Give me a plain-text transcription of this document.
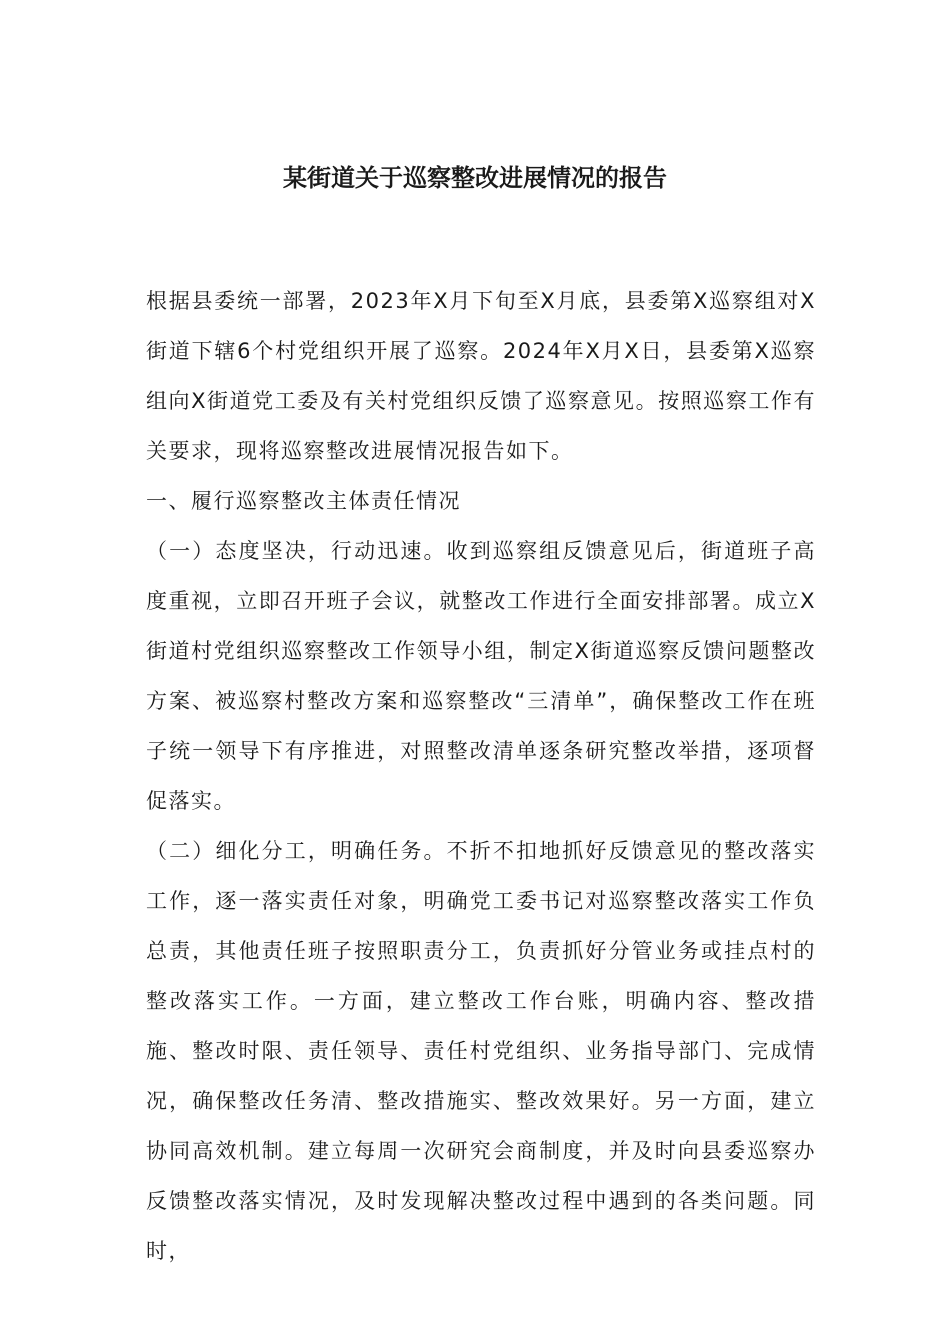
某街道关于巡察整改进展情况的报告

根据县委统一部署，2023年X月下旬至X月底，县委第X巡察组对X街道下辖6个村党组织开展了巡察。2024年X月X日，县委第X巡察组向X街道党工委及有关村党组织反馈了巡察意见。按照巡察工作有关要求，现将巡察整改进展情况报告如下。

一、履行巡察整改主体责任情况

（一）态度坚决，行动迅速。收到巡察组反馈意见后，街道班子高度重视，立即召开班子会议，就整改工作进行全面安排部署。成立X街道村党组织巡察整改工作领导小组，制定X街道巡察反馈问题整改方案、被巡察村整改方案和巡察整改“三清单”，确保整改工作在班子统一领导下有序推进，对照整改清单逐条研究整改举措，逐项督促落实。

（二）细化分工，明确任务。不折不扣地抓好反馈意见的整改落实工作，逐一落实责任对象，明确党工委书记对巡察整改落实工作负总责，其他责任班子按照职责分工，负责抓好分管业务或挂点村的整改落实工作。一方面，建立整改工作台账，明确内容、整改措施、整改时限、责任领导、责任村党组织、业务指导部门、完成情况，确保整改任务清、整改措施实、整改效果好。另一方面，建立协同高效机制。建立每周一次研究会商制度，并及时向县委巡察办反馈整改落实情况，及时发现解决整改过程中遇到的各类问题。同时，
